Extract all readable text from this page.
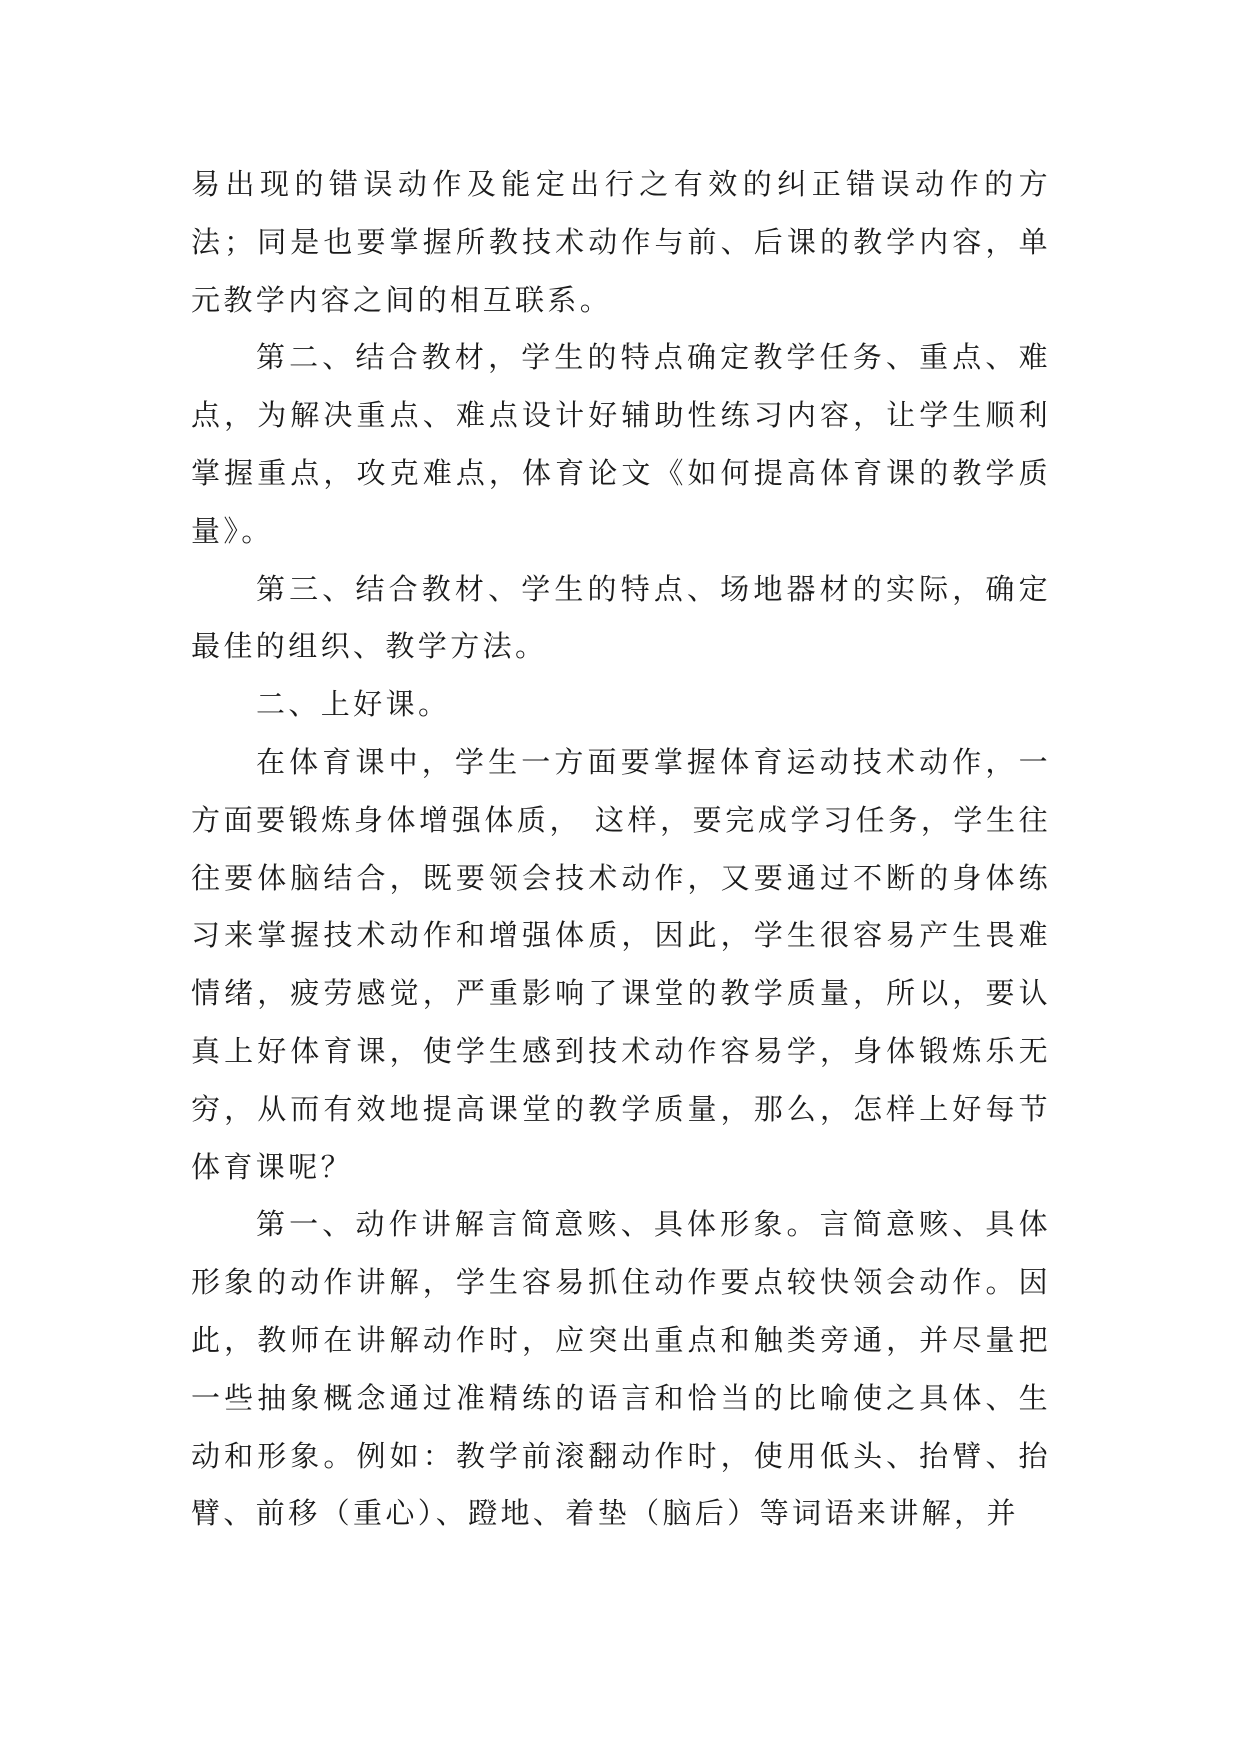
易出现的错误动作及能定出行之有效的纠正错误动作的方法；同是也要掌握所教技术动作与前、后课的教学内容，单元教学内容之间的相互联系。

第二、结合教材，学生的特点确定教学任务、重点、难点，为解决重点、难点设计好辅助性练习内容，让学生顺利掌握重点，攻克难点，体育论文《如何提高体育课的教学质量》。

第三、结合教材、学生的特点、场地器材的实际，确定最佳的组织、教学方法。

二、上好课。

在体育课中，学生一方面要掌握体育运动技术动作，一方面要锻炼身体增强体质， 这样，要完成学习任务，学生往往要体脑结合，既要领会技术动作，又要通过不断的身体练习来掌握技术动作和增强体质，因此，学生很容易产生畏难情绪，疲劳感觉，严重影响了课堂的教学质量，所以，要认真上好体育课，使学生感到技术动作容易学，身体锻炼乐无穷，从而有效地提高课堂的教学质量，那么，怎样上好每节体育课呢？

第一、动作讲解言简意赅、具体形象。言简意赅、具体形象的动作讲解，学生容易抓住动作要点较快领会动作。因此，教师在讲解动作时，应突出重点和触类旁通，并尽量把一些抽象概念通过准精练的语言和恰当的比喻使之具体、生动和形象。例如：教学前滚翻动作时，使用低头、抬臂、抬臂、前移（重心）、蹬地、着垫（脑后）等词语来讲解，并
